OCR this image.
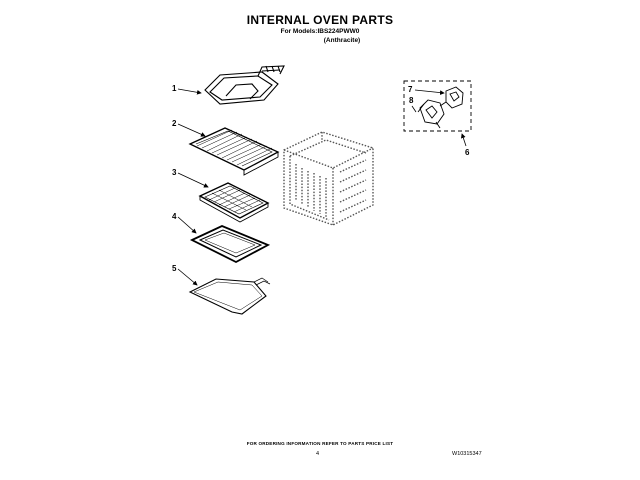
INTERNAL OVEN PARTS
For Models:IBS224PWW0
(Anthracite)
1
2
3
4
5
7
8
6
FOR ORDERING INFORMATION REFER TO PARTS PRICE LIST
4	W10315347
